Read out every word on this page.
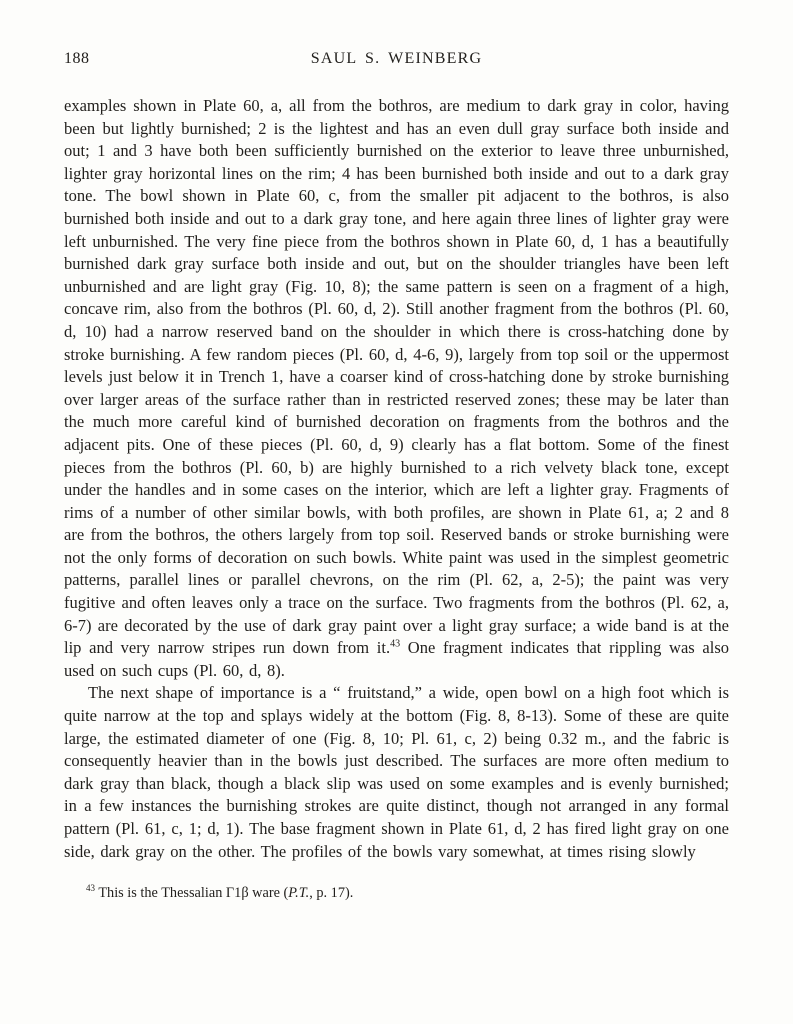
188	SAUL S. WEINBERG

examples shown in Plate 60, a, all from the bothros, are medium to dark gray in color, having been but lightly burnished; 2 is the lightest and has an even dull gray surface both inside and out; 1 and 3 have both been sufficiently burnished on the exterior to leave three unburnished, lighter gray horizontal lines on the rim; 4 has been burnished both inside and out to a dark gray tone. The bowl shown in Plate 60, c, from the smaller pit adjacent to the bothros, is also burnished both inside and out to a dark gray tone, and here again three lines of lighter gray were left unburnished. The very fine piece from the bothros shown in Plate 60, d, 1 has a beautifully burnished dark gray surface both inside and out, but on the shoulder triangles have been left unburnished and are light gray (Fig. 10, 8); the same pattern is seen on a fragment of a high, concave rim, also from the bothros (Pl. 60, d, 2). Still another fragment from the bothros (Pl. 60, d, 10) had a narrow reserved band on the shoulder in which there is cross-hatching done by stroke burnishing. A few random pieces (Pl. 60, d, 4-6, 9), largely from top soil or the uppermost levels just below it in Trench 1, have a coarser kind of cross-hatching done by stroke burnishing over larger areas of the surface rather than in restricted reserved zones; these may be later than the much more careful kind of burnished decoration on fragments from the bothros and the adjacent pits. One of these pieces (Pl. 60, d, 9) clearly has a flat bottom. Some of the finest pieces from the bothros (Pl. 60, b) are highly burnished to a rich velvety black tone, except under the handles and in some cases on the interior, which are left a lighter gray. Fragments of rims of a number of other similar bowls, with both profiles, are shown in Plate 61, a; 2 and 8 are from the bothros, the others largely from top soil. Reserved bands or stroke burnishing were not the only forms of decoration on such bowls. White paint was used in the simplest geometric patterns, parallel lines or parallel chevrons, on the rim (Pl. 62, a, 2-5); the paint was very fugitive and often leaves only a trace on the surface. Two fragments from the bothros (Pl. 62, a, 6-7) are decorated by the use of dark gray paint over a light gray surface; a wide band is at the lip and very narrow stripes run down from it.$^{43}$ One fragment indicates that rippling was also used on such cups (Pl. 60, d, 8).

The next shape of importance is a “ fruitstand,” a wide, open bowl on a high foot which is quite narrow at the top and splays widely at the bottom (Fig. 8, 8-13). Some of these are quite large, the estimated diameter of one (Fig. 8, 10; Pl. 61, c, 2) being 0.32 m., and the fabric is consequently heavier than in the bowls just described. The surfaces are more often medium to dark gray than black, though a black slip was used on some examples and is evenly burnished; in a few instances the burnishing strokes are quite distinct, though not arranged in any formal pattern (Pl. 61, c, 1; d, 1). The base fragment shown in Plate 61, d, 2 has fired light gray on one side, dark gray on the other. The profiles of the bowls vary somewhat, at times rising slowly

$^{43}$ This is the Thessalian Γ1β ware (P.T., p. 17).
